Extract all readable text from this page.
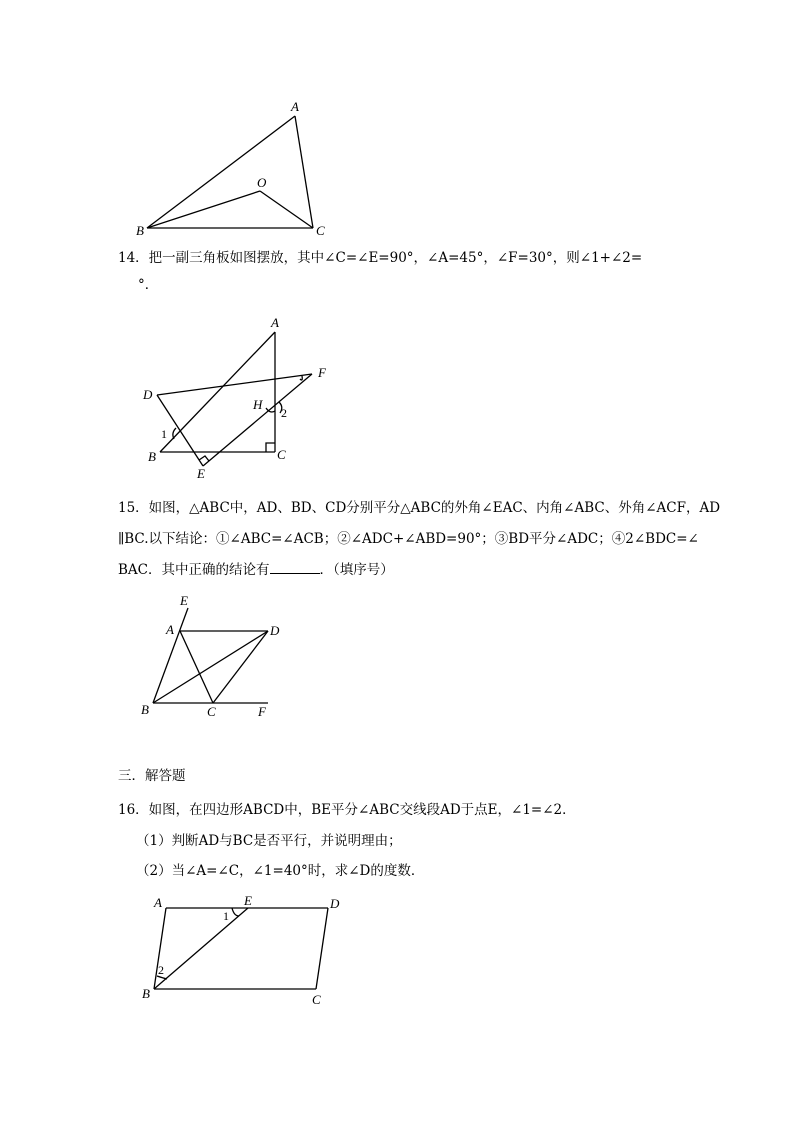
A
O
B	C
14．把一副三角板如图摆放，其中∠C=∠E=90°，∠A=45°，∠F=30°，则∠1+∠2=
°．
A
F
D
H
2
1
B	C
E
15．如图，△ABC中，AD、BD、CD分别平分△ABC的外角∠EAC、内角∠ABC、外角∠ACF，AD
∥BC.以下结论：①∠ABC=∠ACB；②∠ADC+∠ABD=90°；③BD平分∠ADC；④2∠BDC=∠
BAC．其中正确的结论有	．（填序号）
E
A	D
B	C	F
三．解答题
16．如图，在四边形ABCD中，BE平分∠ABC交线段AD于点E，∠1=∠2．
（1）判断AD与BC是否平行，并说明理由；
（2）当∠A=∠C，∠1=40°时，求∠D的度数．
A	E	D
1
2
B	C
